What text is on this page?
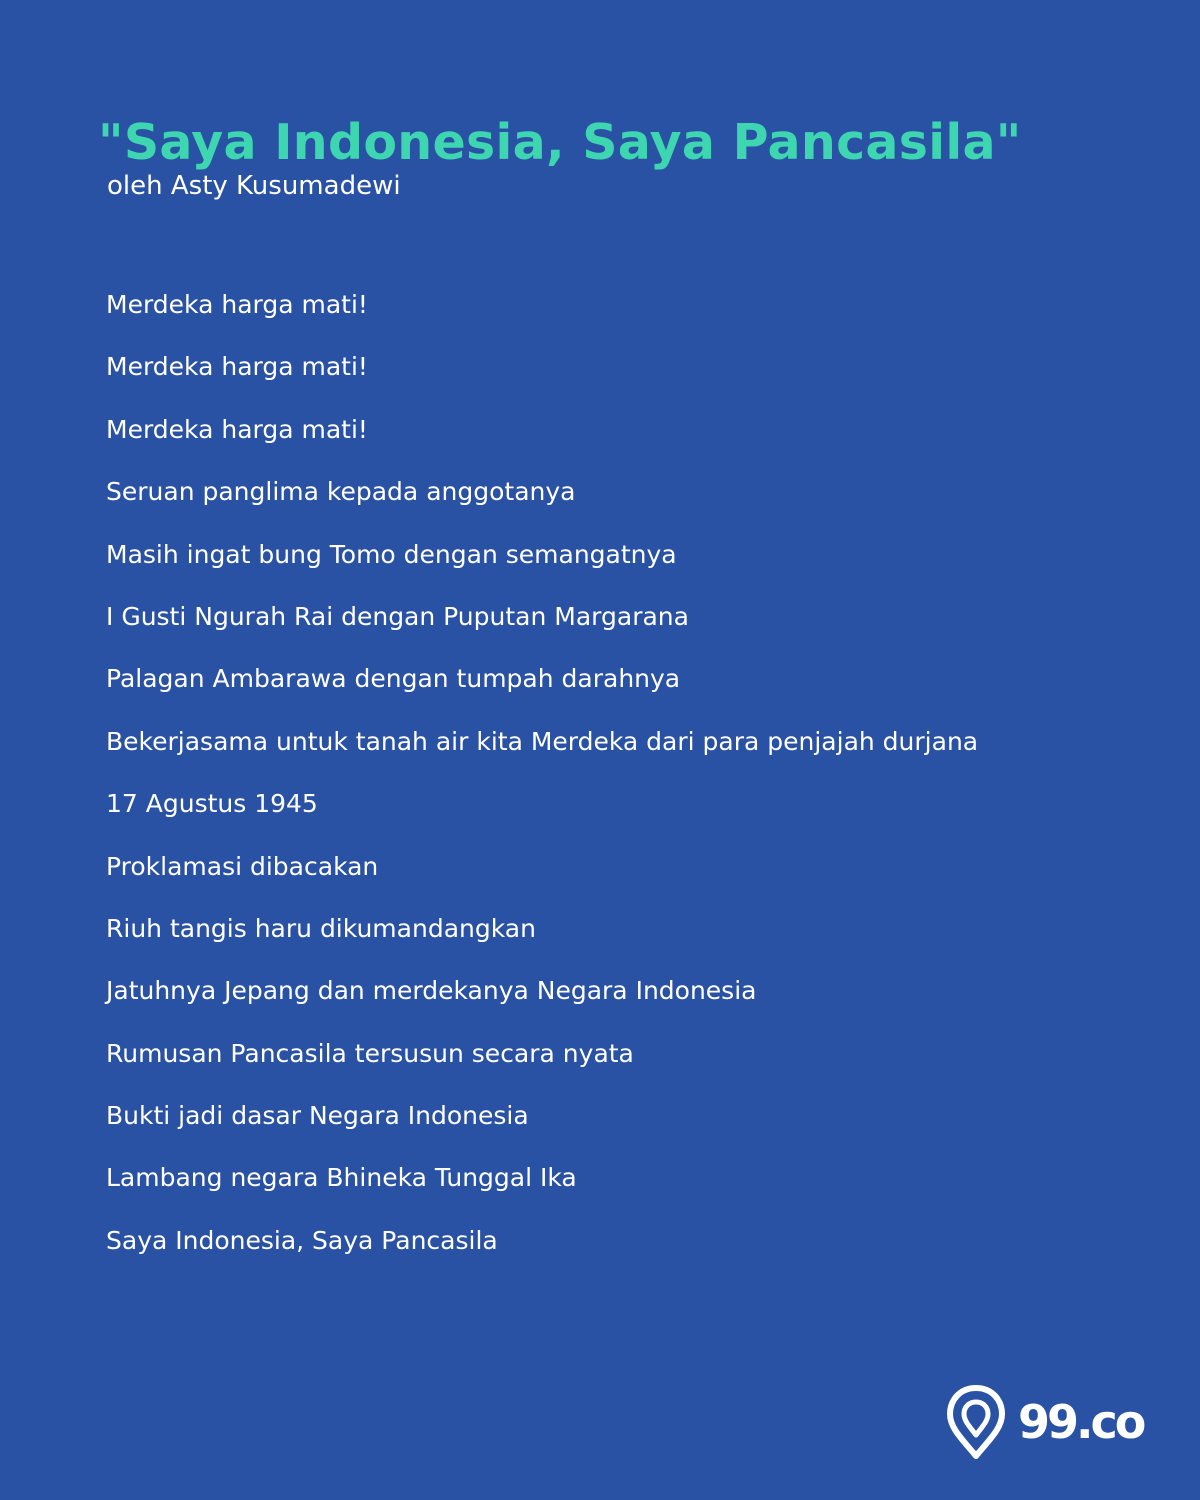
"Saya Indonesia, Saya Pancasila"

oleh Asty Kusumadewi

Merdeka harga mati!
Merdeka harga mati!
Merdeka harga mati!
Seruan panglima kepada anggotanya
Masih ingat bung Tomo dengan semangatnya
I Gusti Ngurah Rai dengan Puputan Margarana
Palagan Ambarawa dengan tumpah darahnya
Bekerjasama untuk tanah air kita Merdeka dari para penjajah durjana
17 Agustus 1945
Proklamasi dibacakan
Riuh tangis haru dikumandangkan
Jatuhnya Jepang dan merdekanya Negara Indonesia
Rumusan Pancasila tersusun secara nyata
Bukti jadi dasar Negara Indonesia
Lambang negara Bhineka Tunggal Ika
Saya Indonesia, Saya Pancasila
99.co
